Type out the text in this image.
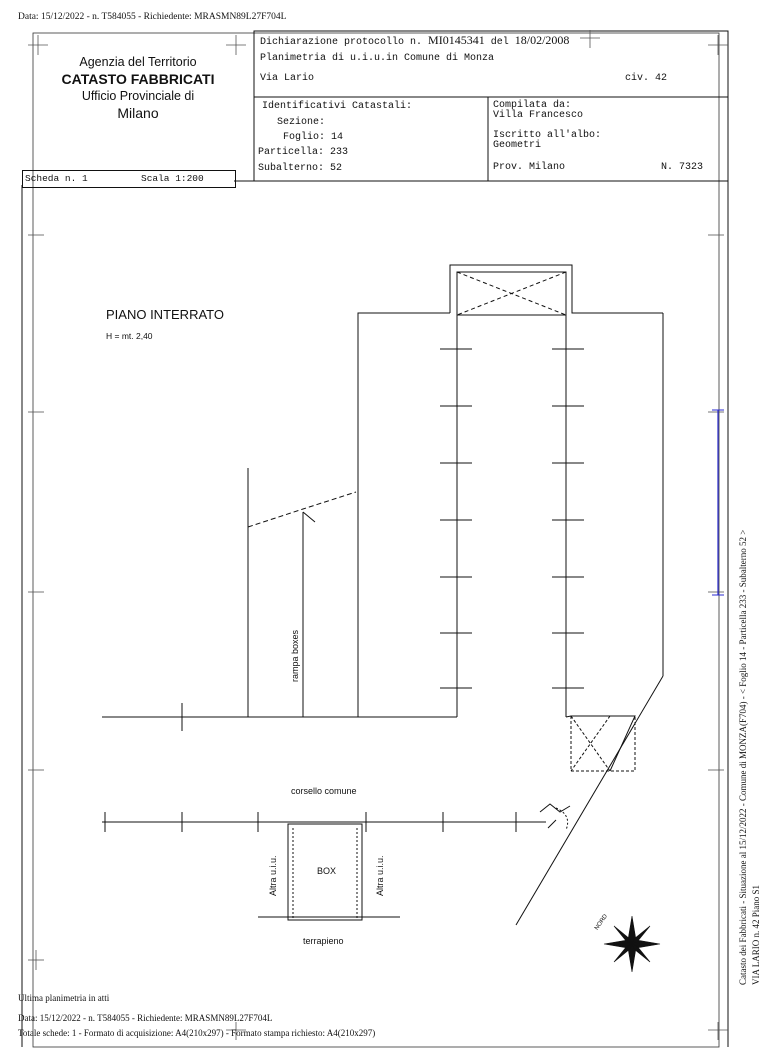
Data: 15/12/2022 - n. T584055 - Richiedente: MRASMN89L27F704L
Agenzia del Territorio
CATASTO FABBRICATI
Ufficio Provinciale di
Milano
Dichiarazione protocollo n. MI0145341 del 18/02/2008
Planimetria di u.i.u.in Comune di Monza
Via Lario	civ. 42
Identificativi Catastali:
Sezione:
Foglio: 14
Particella: 233
Subalterno: 52
Compilata da:
Villa Francesco
Iscritto all'albo:
Geometri
Prov. Milano	N. 7323
Scheda n. 1	Scala 1:200
PIANO INTERRATO
H = mt. 2,40
rampa boxes
corsello comune
BOX
Altra u.i.u.	Altra u.i.u.
terrapieno
NORD
Ultima planimetria in atti
Data: 15/12/2022 - n. T584055 - Richiedente: MRASMN89L27F704L
Totale schede: 1 - Formato di acquisizione: A4(210x297) - Formato stampa richiesto: A4(210x297)
Catasto dei Fabbricati - Situazione al 15/12/2022 - Comune di MONZA(F704) - < Foglio 14 - Particella 233 - Subalterno 52 > VIA LARIO n. 42 Piano S1
